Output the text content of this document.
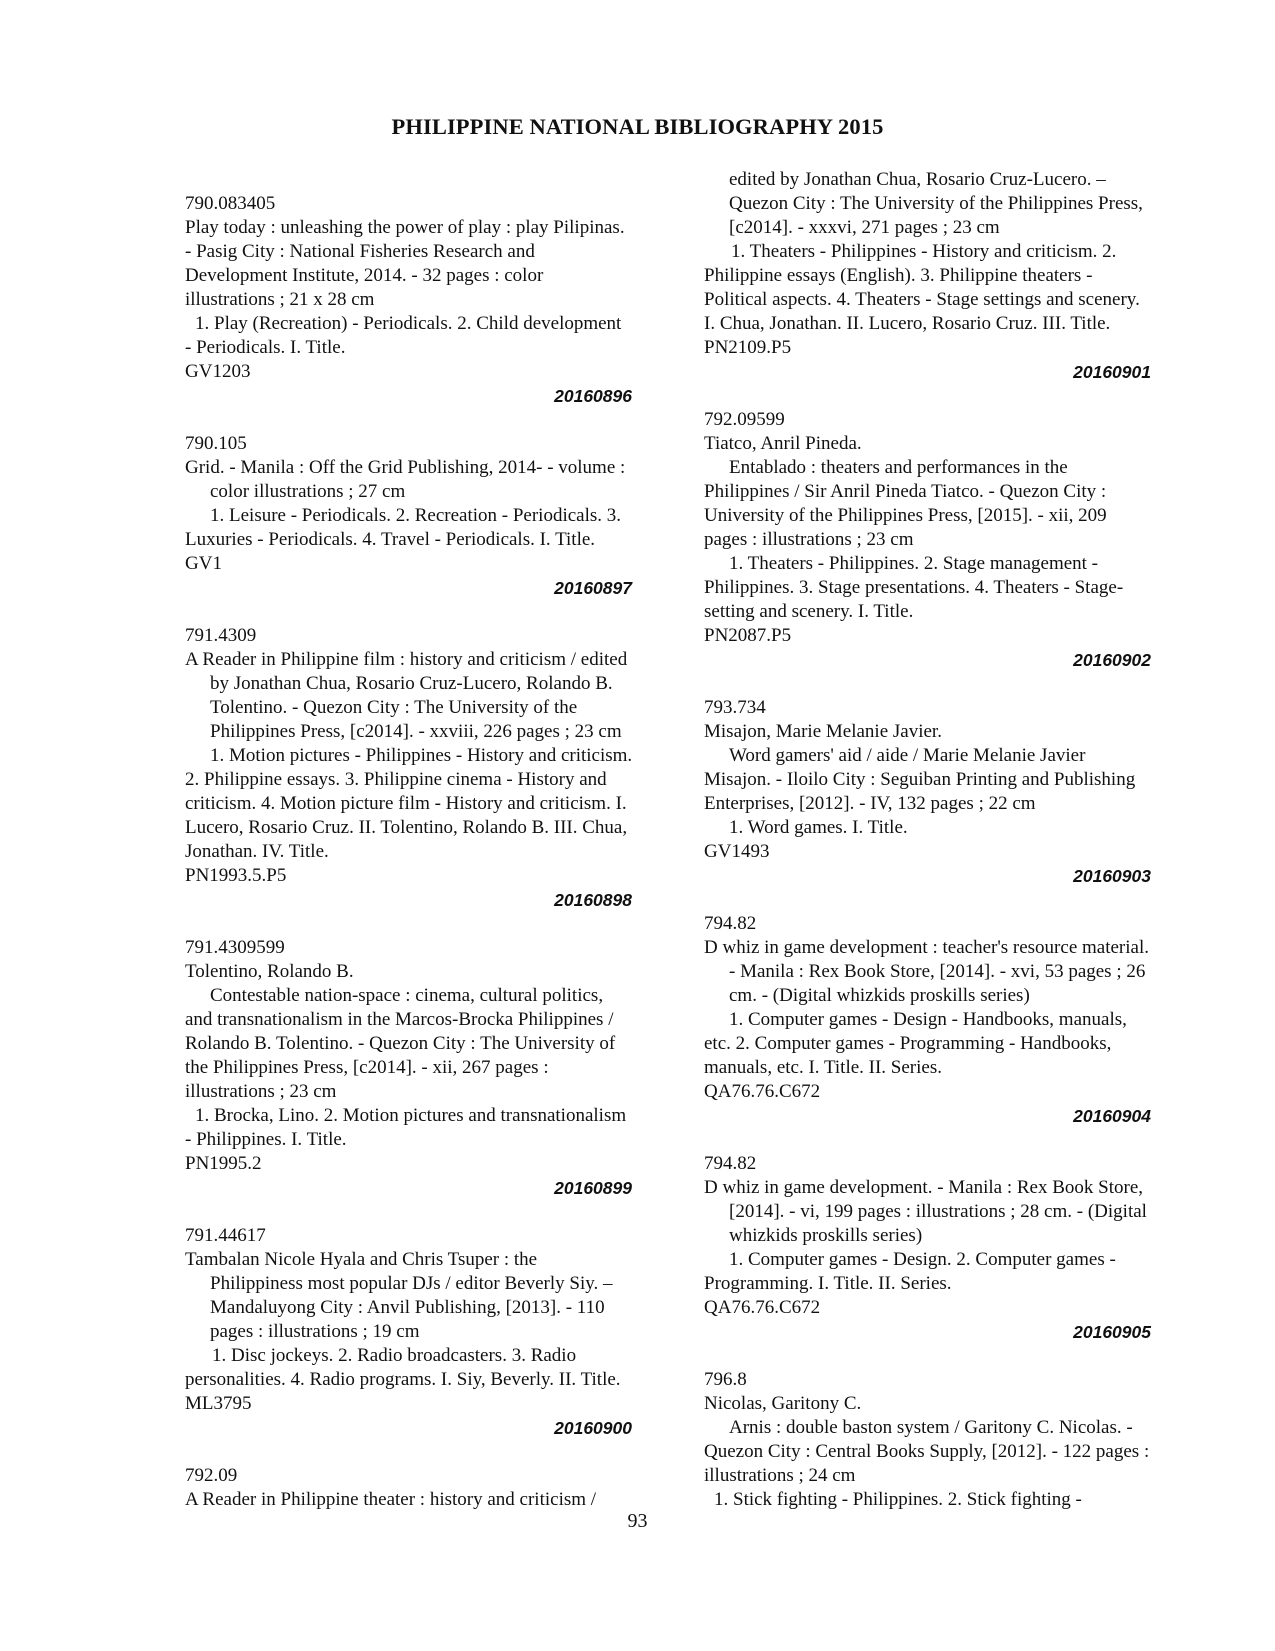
PHILIPPINE NATIONAL BIBLIOGRAPHY 2015
790.083405
Play today : unleashing the power of play : play Pilipinas.
- Pasig City : National Fisheries Research and
Development Institute, 2014. - 32 pages : color
illustrations ; 21 x 28 cm
1. Play (Recreation) - Periodicals. 2. Child development
- Periodicals. I. Title.
GV1203
20160896
790.105
Grid. - Manila : Off the Grid Publishing, 2014- - volume :
color illustrations ; 27 cm
1. Leisure - Periodicals. 2. Recreation - Periodicals. 3.
Luxuries - Periodicals. 4. Travel - Periodicals. I. Title.
GV1
20160897
791.4309
A Reader in Philippine film : history and criticism / edited
by Jonathan Chua, Rosario Cruz-Lucero, Rolando B.
Tolentino. - Quezon City : The University of the
Philippines Press, [c2014]. - xxviii, 226 pages ; 23 cm
1. Motion pictures - Philippines - History and criticism.
2. Philippine essays. 3. Philippine cinema - History and
criticism. 4. Motion picture film - History and criticism. I.
Lucero, Rosario Cruz. II. Tolentino, Rolando B. III. Chua,
Jonathan. IV. Title.
PN1993.5.P5
20160898
791.4309599
Tolentino, Rolando B.
Contestable nation-space : cinema, cultural politics,
and transnationalism in the Marcos-Brocka Philippines /
Rolando B. Tolentino. - Quezon City : The University of
the Philippines Press, [c2014]. - xii, 267 pages :
illustrations ; 23 cm
1. Brocka, Lino. 2. Motion pictures and transnationalism
- Philippines. I. Title.
PN1995.2
20160899
791.44617
Tambalan Nicole Hyala and Chris Tsuper : the
Philippiness most popular DJs / editor Beverly Siy. –
Mandaluyong City : Anvil Publishing, [2013]. - 110
pages : illustrations ; 19 cm
1. Disc jockeys. 2. Radio broadcasters. 3. Radio
personalities. 4. Radio programs. I. Siy, Beverly. II. Title.
ML3795
20160900
792.09
A Reader in Philippine theater : history and criticism /
edited by Jonathan Chua, Rosario Cruz-Lucero. –
Quezon City : The University of the Philippines Press,
[c2014]. - xxxvi, 271 pages ; 23 cm
1. Theaters - Philippines - History and criticism. 2.
Philippine essays (English). 3. Philippine theaters -
Political aspects. 4. Theaters - Stage settings and scenery.
I. Chua, Jonathan. II. Lucero, Rosario Cruz. III. Title.
PN2109.P5
20160901
792.09599
Tiatco, Anril Pineda.
Entablado : theaters and performances in the
Philippines / Sir Anril Pineda Tiatco. - Quezon City :
University of the Philippines Press, [2015]. - xii, 209
pages : illustrations ; 23 cm
1. Theaters - Philippines. 2. Stage management -
Philippines. 3. Stage presentations. 4. Theaters - Stage-
setting and scenery. I. Title.
PN2087.P5
20160902
793.734
Misajon, Marie Melanie Javier.
Word gamers' aid / aide / Marie Melanie Javier
Misajon. - Iloilo City : Seguiban Printing and Publishing
Enterprises, [2012]. - IV, 132 pages ; 22 cm
1. Word games. I. Title.
GV1493
20160903
794.82
D whiz in game development : teacher's resource material.
- Manila : Rex Book Store, [2014]. - xvi, 53 pages ; 26
cm. - (Digital whizkids proskills series)
1. Computer games - Design - Handbooks, manuals,
etc. 2. Computer games - Programming - Handbooks,
manuals, etc. I. Title. II. Series.
QA76.76.C672
20160904
794.82
D whiz in game development. - Manila : Rex Book Store,
[2014]. - vi, 199 pages : illustrations ; 28 cm. - (Digital
whizkids proskills series)
1. Computer games - Design. 2. Computer games -
Programming. I. Title. II. Series.
QA76.76.C672
20160905
796.8
Nicolas, Garitony C.
Arnis : double baston system / Garitony C. Nicolas. -
Quezon City : Central Books Supply, [2012]. - 122 pages :
illustrations ; 24 cm
1. Stick fighting - Philippines. 2. Stick fighting -
93
